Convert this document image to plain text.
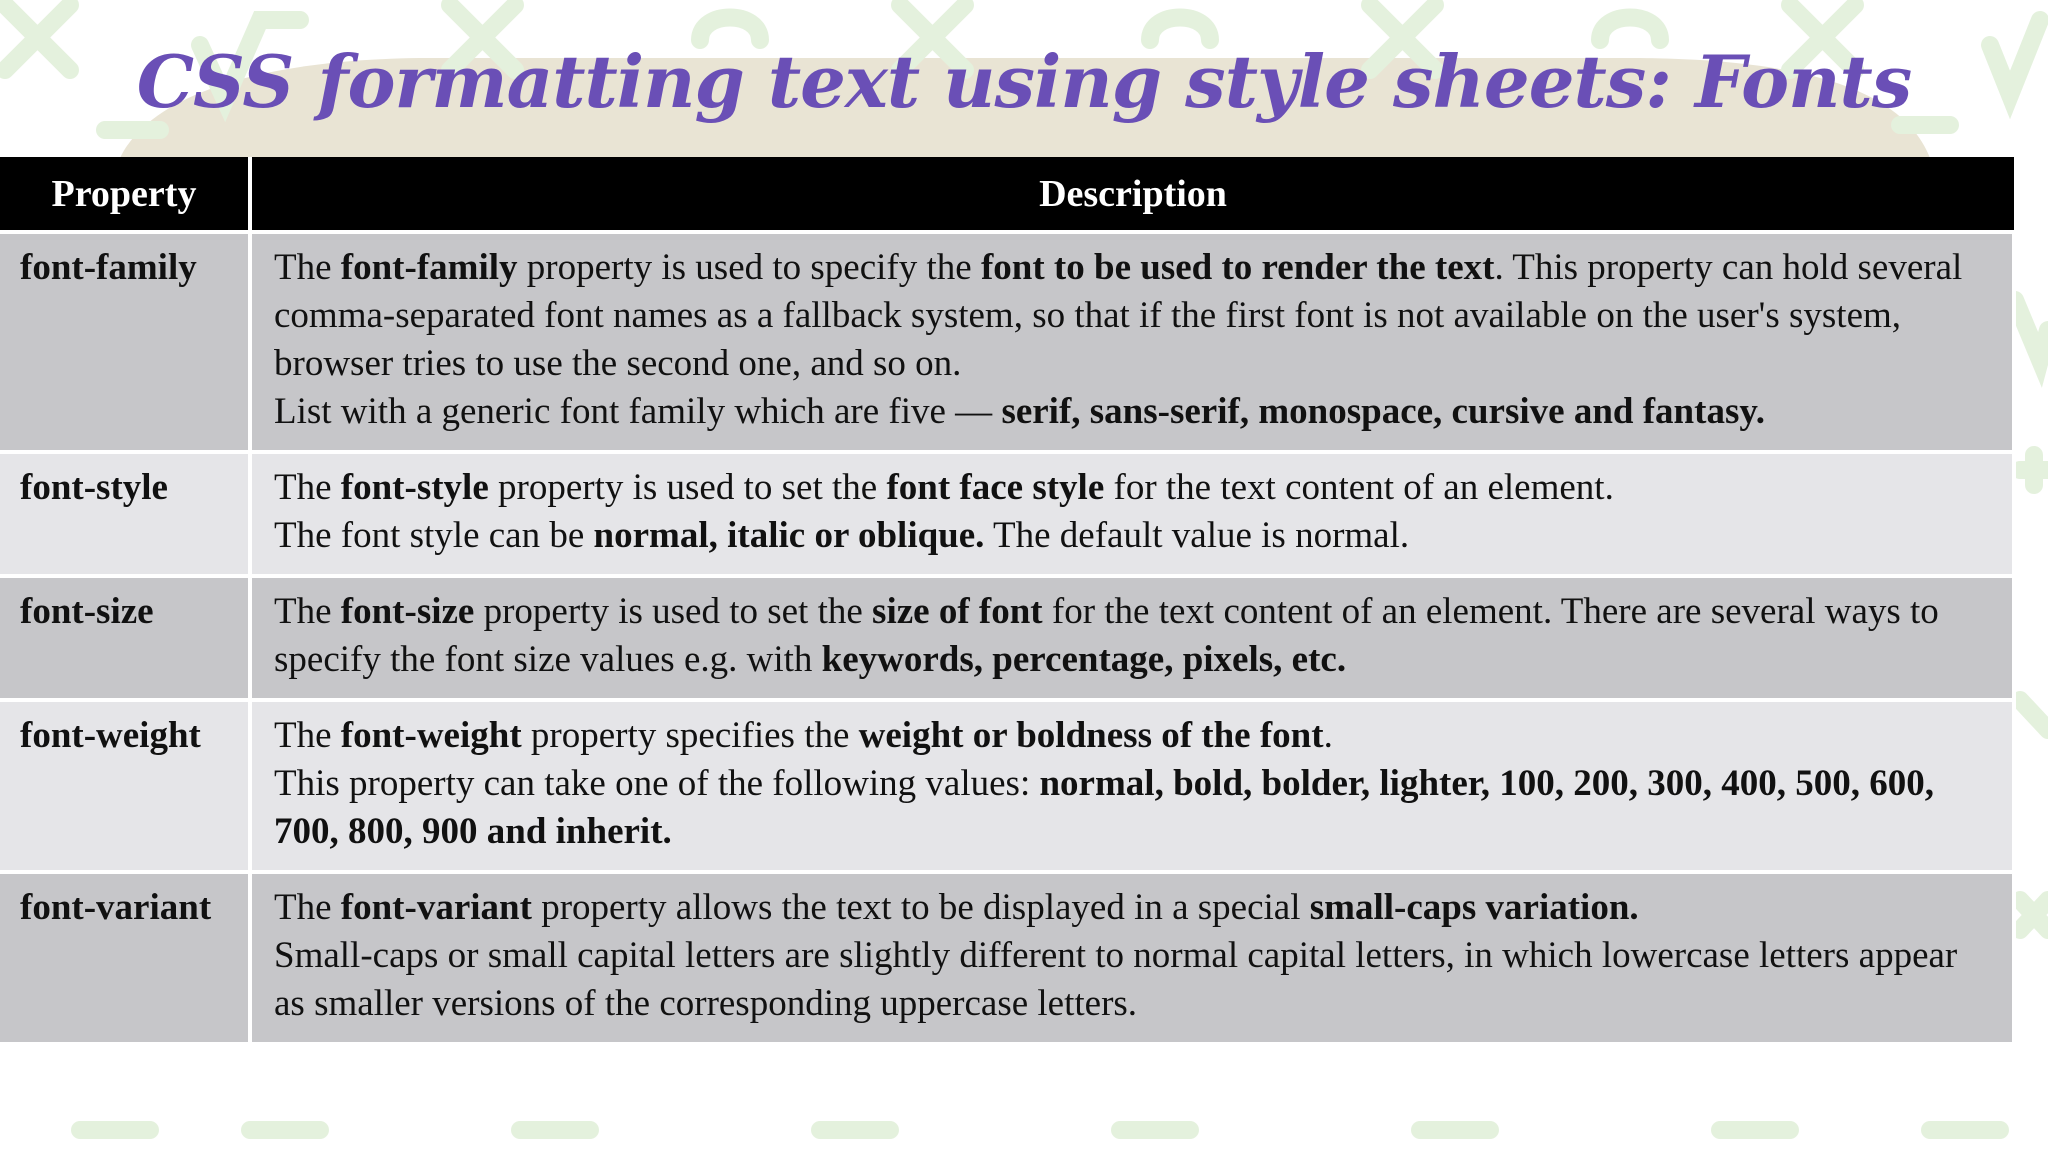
CSS formatting text using style sheets: Fonts
Property	Description
font-family	The font-family property is used to specify the font to be used to render the text. This property can hold several comma-separated font names as a fallback system, so that if the first font is not available on the user's system, browser tries to use the second one, and so on.
List with a generic font family which are five — serif, sans-serif, monospace, cursive and fantasy.

font-style	The font-style property is used to set the font face style for the text content of an element.
The font style can be normal, italic or oblique. The default value is normal.

font-size	The font-size property is used to set the size of font for the text content of an element. There are several ways to specify the font size values e.g. with keywords, percentage, pixels, etc.

font-weight	The font-weight property specifies the weight or boldness of the font.
This property can take one of the following values: normal, bold, bolder, lighter, 100, 200, 300, 400, 500, 600, 700, 800, 900 and inherit.

font-variant	The font-variant property allows the text to be displayed in a special small-caps variation.
Small-caps or small capital letters are slightly different to normal capital letters, in which lowercase letters appear as smaller versions of the corresponding uppercase letters.
